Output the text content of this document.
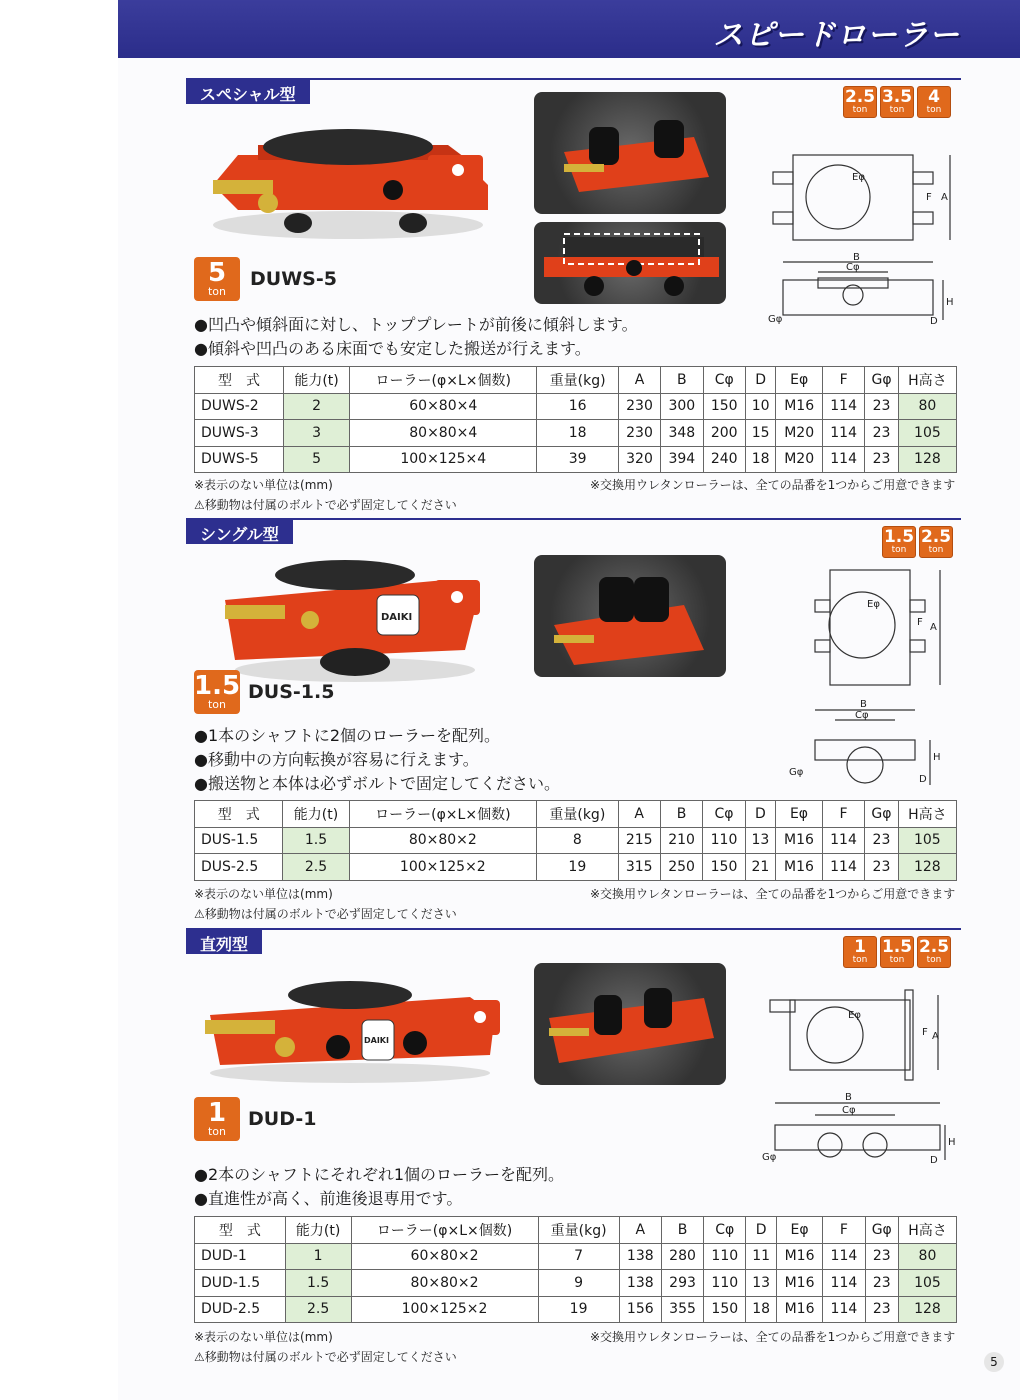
スピードローラー
スペシャル型	2.5
ton
3.5
ton
4
ton
5
ton
DUWS-5
Eφ
F A
B
Cφ
Gφ
H
D
● 凹凸や傾斜面に対し、トッププレートが前後に傾斜します。
● 傾斜や凹凸のある床面でも安定した搬送が行えます。
型　式	能力(t)	ローラー(φ×L×個数)	重量(kg)	A	B	Cφ	D	Eφ	F	Gφ	H高さ
DUWS-2	2	60×80×4	16	230	300	150	10	M16	114	23	80
DUWS-3	3	80×80×4	18	230	348	200	15	M20	114	23	105
DUWS-5	5	100×125×4	39	320	394	240	18	M20	114	23	128
※表示のない単位は(mm)
⚠移動物は付属のボルトで必ず固定してください
※交換用ウレタンローラーは、全ての品番を1つからご用意できます
シングル型	1.5
ton
2.5
ton
DAIKI
1.5
ton
DUS-1.5
Eφ
F A
B
Cφ
Gφ
H
D
● 1本のシャフトに2個のローラーを配列。
● 移動中の方向転換が容易に行えます。
● 搬送物と本体は必ずボルトで固定してください。
型　式	能力(t)	ローラー(φ×L×個数)	重量(kg)	A	B	Cφ	D	Eφ	F	Gφ	H高さ
DUS-1.5	1.5	80×80×2	8	215	210	110	13	M16	114	23	105
DUS-2.5	2.5	100×125×2	19	315	250	150	21	M16	114	23	128
※表示のない単位は(mm)
⚠移動物は付属のボルトで必ず固定してください
※交換用ウレタンローラーは、全ての品番を1つからご用意できます
直列型	1
ton
1.5
ton
2.5
ton
DAIKI
1
ton
DUD-1
Eφ
F A
B
Cφ
Gφ
H
D
● 2本のシャフトにそれぞれ1個のローラーを配列。
● 直進性が高く、前進後退専用です。
型　式	能力(t)	ローラー(φ×L×個数)	重量(kg)	A	B	Cφ	D	Eφ	F	Gφ	H高さ
DUD-1	1	60×80×2	7	138	280	110	11	M16	114	23	80
DUD-1.5	1.5	80×80×2	9	138	293	110	13	M16	114	23	105
DUD-2.5	2.5	100×125×2	19	156	355	150	18	M16	114	23	128
※表示のない単位は(mm)
⚠移動物は付属のボルトで必ず固定してください
※交換用ウレタンローラーは、全ての品番を1つからご用意できます
5
